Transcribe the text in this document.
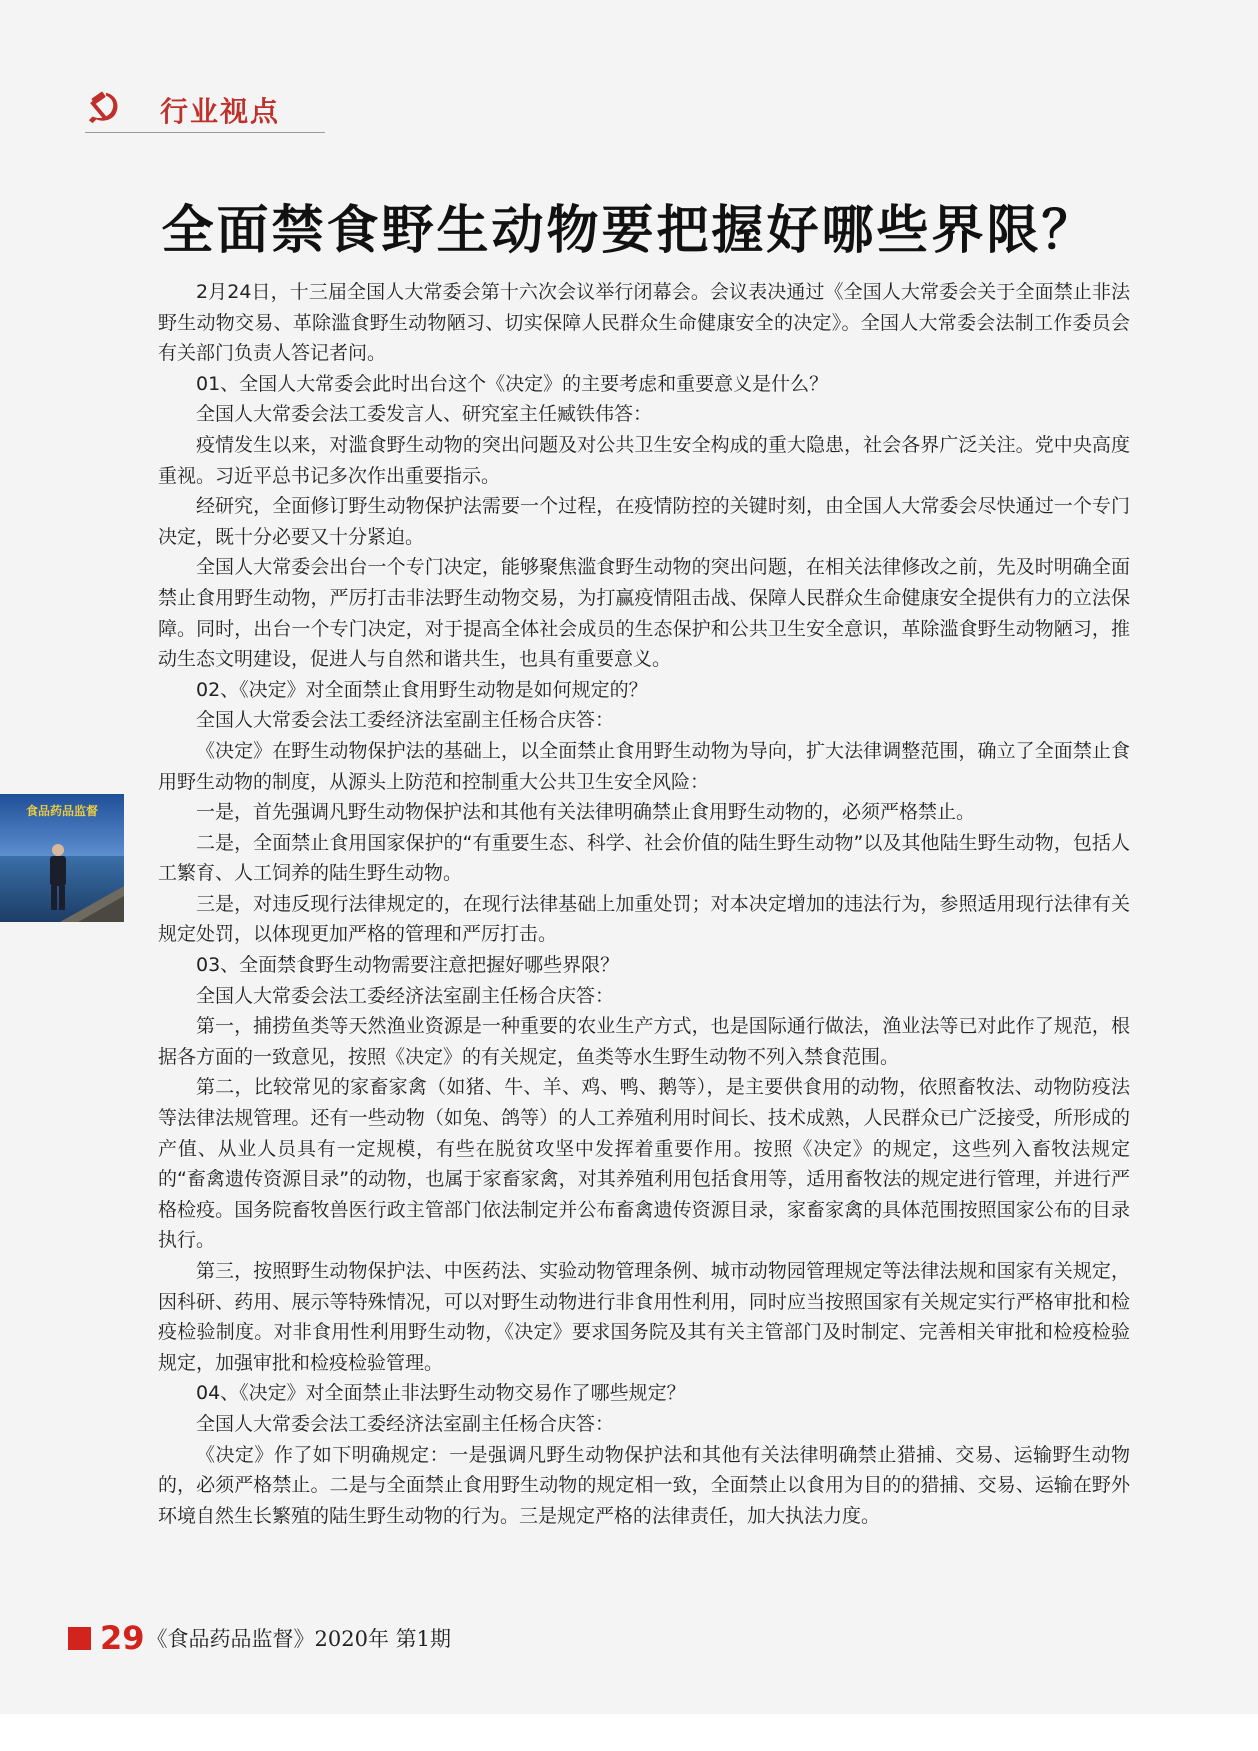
行业视点
全面禁食野生动物要把握好哪些界限？

2月24日，十三届全国人大常委会第十六次会议举行闭幕会。会议表决通过《全国人大常委会关于全面禁止非法野生动物交易、革除滥食野生动物陋习、切实保障人民群众生命健康安全的决定》。全国人大常委会法制工作委员会有关部门负责人答记者问。

01、全国人大常委会此时出台这个《决定》的主要考虑和重要意义是什么？

全国人大常委会法工委发言人、研究室主任臧铁伟答：

疫情发生以来，对滥食野生动物的突出问题及对公共卫生安全构成的重大隐患，社会各界广泛关注。党中央高度重视。习近平总书记多次作出重要指示。

经研究，全面修订野生动物保护法需要一个过程，在疫情防控的关键时刻，由全国人大常委会尽快通过一个专门决定，既十分必要又十分紧迫。

全国人大常委会出台一个专门决定，能够聚焦滥食野生动物的突出问题，在相关法律修改之前，先及时明确全面禁止食用野生动物，严厉打击非法野生动物交易，为打赢疫情阻击战、保障人民群众生命健康安全提供有力的立法保障。同时，出台一个专门决定，对于提高全体社会成员的生态保护和公共卫生安全意识，革除滥食野生动物陋习，推动生态文明建设，促进人与自然和谐共生，也具有重要意义。

02、《决定》对全面禁止食用野生动物是如何规定的？

全国人大常委会法工委经济法室副主任杨合庆答：

《决定》在野生动物保护法的基础上，以全面禁止食用野生动物为导向，扩大法律调整范围，确立了全面禁止食用野生动物的制度，从源头上防范和控制重大公共卫生安全风险：

一是，首先强调凡野生动物保护法和其他有关法律明确禁止食用野生动物的，必须严格禁止。

二是，全面禁止食用国家保护的“有重要生态、科学、社会价值的陆生野生动物”以及其他陆生野生动物，包括人工繁育、人工饲养的陆生野生动物。

三是，对违反现行法律规定的，在现行法律基础上加重处罚；对本决定增加的违法行为，参照适用现行法律有关规定处罚，以体现更加严格的管理和严厉打击。

03、全面禁食野生动物需要注意把握好哪些界限？

全国人大常委会法工委经济法室副主任杨合庆答：

第一，捕捞鱼类等天然渔业资源是一种重要的农业生产方式，也是国际通行做法，渔业法等已对此作了规范，根据各方面的一致意见，按照《决定》的有关规定，鱼类等水生野生动物不列入禁食范围。

第二，比较常见的家畜家禽（如猪、牛、羊、鸡、鸭、鹅等），是主要供食用的动物，依照畜牧法、动物防疫法等法律法规管理。还有一些动物（如兔、鸽等）的人工养殖利用时间长、技术成熟，人民群众已广泛接受，所形成的产值、从业人员具有一定规模，有些在脱贫攻坚中发挥着重要作用。按照《决定》的规定，这些列入畜牧法规定的“畜禽遗传资源目录”的动物，也属于家畜家禽，对其养殖利用包括食用等，适用畜牧法的规定进行管理，并进行严格检疫。国务院畜牧兽医行政主管部门依法制定并公布畜禽遗传资源目录，家畜家禽的具体范围按照国家公布的目录执行。

第三，按照野生动物保护法、中医药法、实验动物管理条例、城市动物园管理规定等法律法规和国家有关规定，因科研、药用、展示等特殊情况，可以对野生动物进行非食用性利用，同时应当按照国家有关规定实行严格审批和检疫检验制度。对非食用性利用野生动物，《决定》要求国务院及其有关主管部门及时制定、完善相关审批和检疫检验规定，加强审批和检疫检验管理。

04、《决定》对全面禁止非法野生动物交易作了哪些规定？

全国人大常委会法工委经济法室副主任杨合庆答：

《决定》作了如下明确规定：一是强调凡野生动物保护法和其他有关法律明确禁止猎捕、交易、运输野生动物的，必须严格禁止。二是与全面禁止食用野生动物的规定相一致，全面禁止以食用为目的的猎捕、交易、运输在野外环境自然生长繁殖的陆生野生动物的行为。三是规定严格的法律责任，加大执法力度。

食品药品监督
29 《食品药品监督》2020年 第1期
